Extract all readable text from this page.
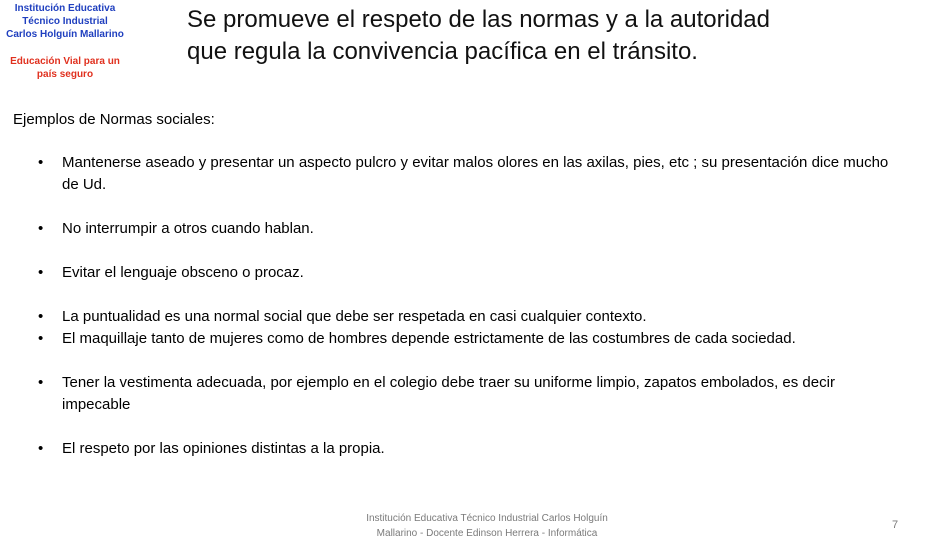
Institución Educativa
Técnico Industrial
Carlos Holguín Mallarino
Educación Vial para un
país seguro
Se promueve el respeto de las normas y a la autoridad
que regula la convivencia pacífica en el tránsito.
Ejemplos de Normas sociales:
• Mantenerse aseado y presentar un aspecto pulcro y evitar malos olores en las axilas, pies, etc ; su presentación dice mucho de Ud.
• No interrumpir a otros cuando hablan.
• Evitar el lenguaje obsceno o procaz.
• La puntualidad es una normal social que debe ser respetada en casi cualquier contexto.
• El maquillaje tanto de mujeres como de hombres depende estrictamente de las costumbres de cada sociedad.
• Tener la vestimenta adecuada, por ejemplo en el colegio debe traer su uniforme limpio, zapatos embolados, es decir impecable
• El respeto por las opiniones distintas a la propia.
Institución Educativa Técnico Industrial Carlos Holguín
Mallarino - Docente Edinson Herrera - Informática
7
